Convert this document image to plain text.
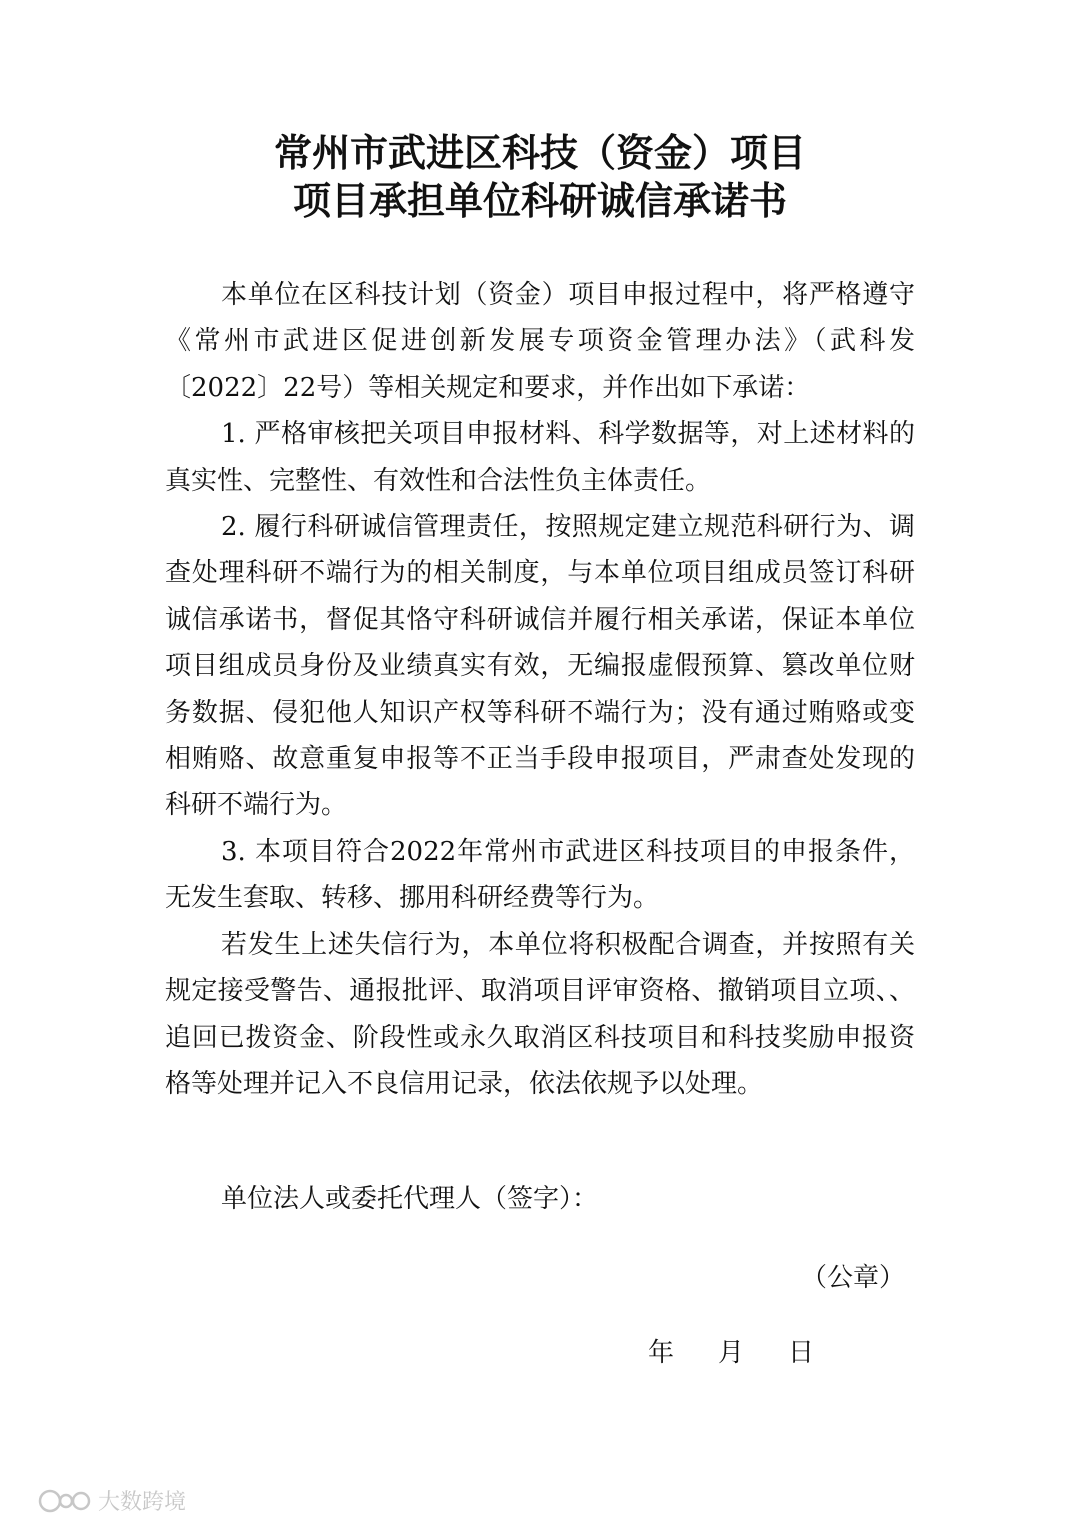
常州市武进区科技（资金）项目
项目承担单位科研诚信承诺书

本单位在区科技计划（资金）项目申报过程中，将严格遵守《常州市武进区促进创新发展专项资金管理办法》（武科发〔2022〕22号）等相关规定和要求，并作出如下承诺：

1. 严格审核把关项目申报材料、科学数据等，对上述材料的真实性、完整性、有效性和合法性负主体责任。

2. 履行科研诚信管理责任，按照规定建立规范科研行为、调查处理科研不端行为的相关制度，与本单位项目组成员签订科研诚信承诺书，督促其恪守科研诚信并履行相关承诺，保证本单位项目组成员身份及业绩真实有效，无编报虚假预算、篡改单位财务数据、侵犯他人知识产权等科研不端行为；没有通过贿赂或变相贿赂、故意重复申报等不正当手段申报项目，严肃查处发现的科研不端行为。

3. 本项目符合2022年常州市武进区科技项目的申报条件，无发生套取、转移、挪用科研经费等行为。

若发生上述失信行为，本单位将积极配合调查，并按照有关规定接受警告、通报批评、取消项目评审资格、撤销项目立项、、追回已拨资金、阶段性或永久取消区科技项目和科技奖励申报资格等处理并记入不良信用记录，依法依规予以处理。

单位法人或委托代理人（签字）：
（公章）
年 月 日
大数跨境
